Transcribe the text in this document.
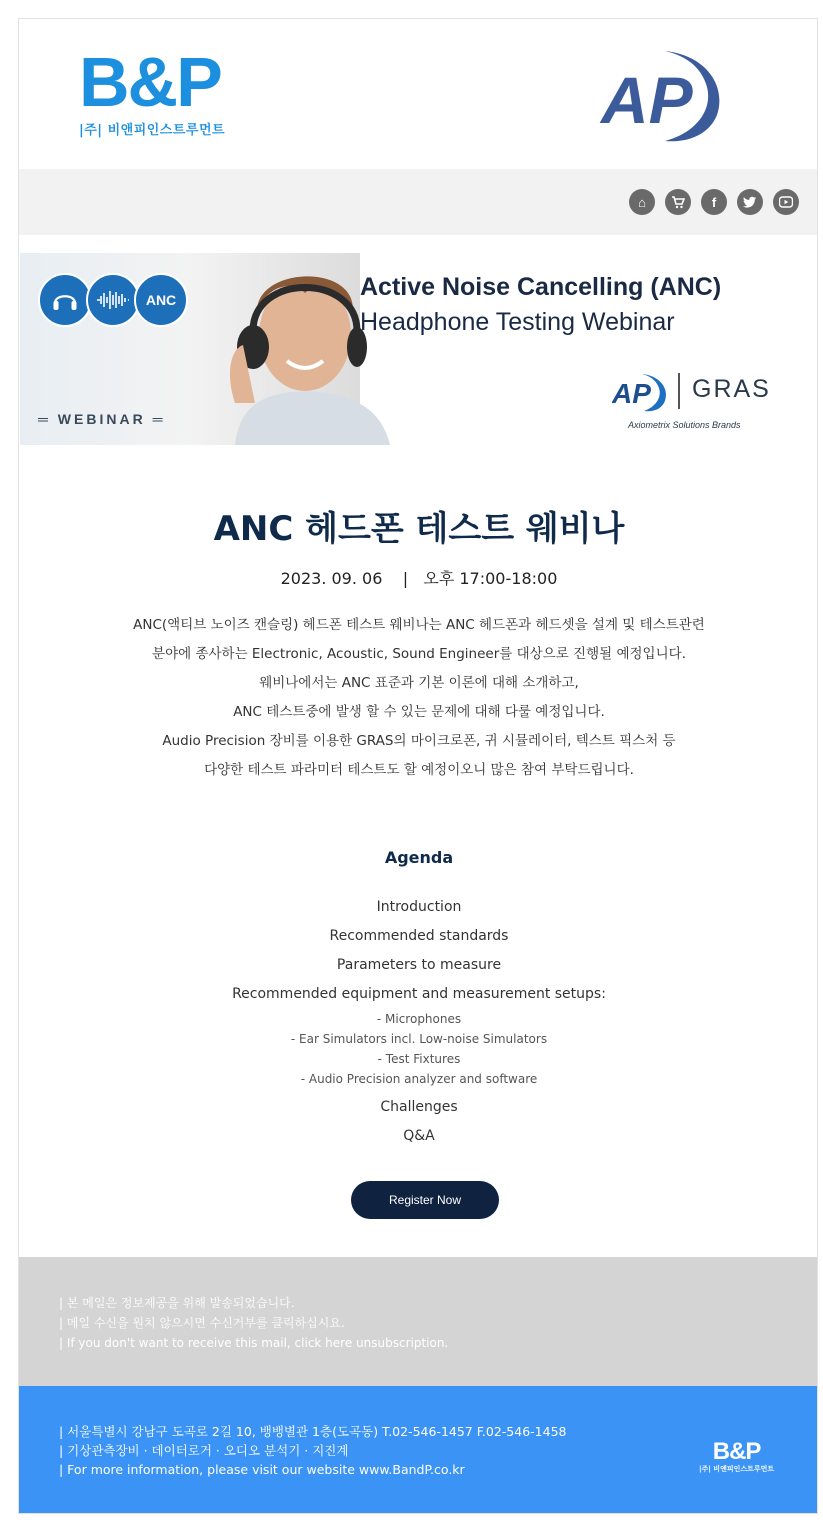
B&P
|주| 비앤피인스트루먼트	AP
⌂	f
ANC
═ WEBINAR ═
Active Noise Cancelling (ANC)
Headphone Testing Webinar
AP GRAS
Axiometrix Solutions Brands
ANC 헤드폰 테스트 웨비나
2023. 09. 06    |   오후 17:00-18:00
ANC(액티브 노이즈 캔슬링) 헤드폰 테스트 웨비나는 ANC 헤드폰과 헤드셋을 설계 및 테스트관련
분야에 종사하는 Electronic, Acoustic, Sound Engineer를 대상으로 진행될 예정입니다.
웨비나에서는 ANC 표준과 기본 이론에 대해 소개하고,
ANC 테스트중에 발생 할 수 있는 문제에 대해 다룰 예정입니다.
Audio Precision 장비를 이용한 GRAS의 마이크로폰, 귀 시뮬레이터, 텍스트 픽스처 등
다양한 테스트 파라미터 테스트도 할 예정이오니 많은 참여 부탁드립니다.
Agenda
Introduction
Recommended standards
Parameters to measure
Recommended equipment and measurement setups:
- Microphones
- Ear Simulators incl. Low-noise Simulators
- Test Fixtures
- Audio Precision analyzer and software
Challenges
Q&A
Register Now
| 본 메일은 정보제공을 위해 발송되었습니다.
| 메일 수신을 원치 않으시면 수신거부를 클릭하십시요.
| If you don't want to receive this mail, click here unsubscription.
| 서울특별시 강남구 도곡로 2길 10, 뱅뱅별관 1층(도곡동) T.02-546-1457 F.02-546-1458
| 기상관측장비 · 데이터로거 · 오디오 분석기 · 지진계
| For more information, please visit our website www.BandP.co.kr
B&P
|주| 비앤피인스트루먼트
